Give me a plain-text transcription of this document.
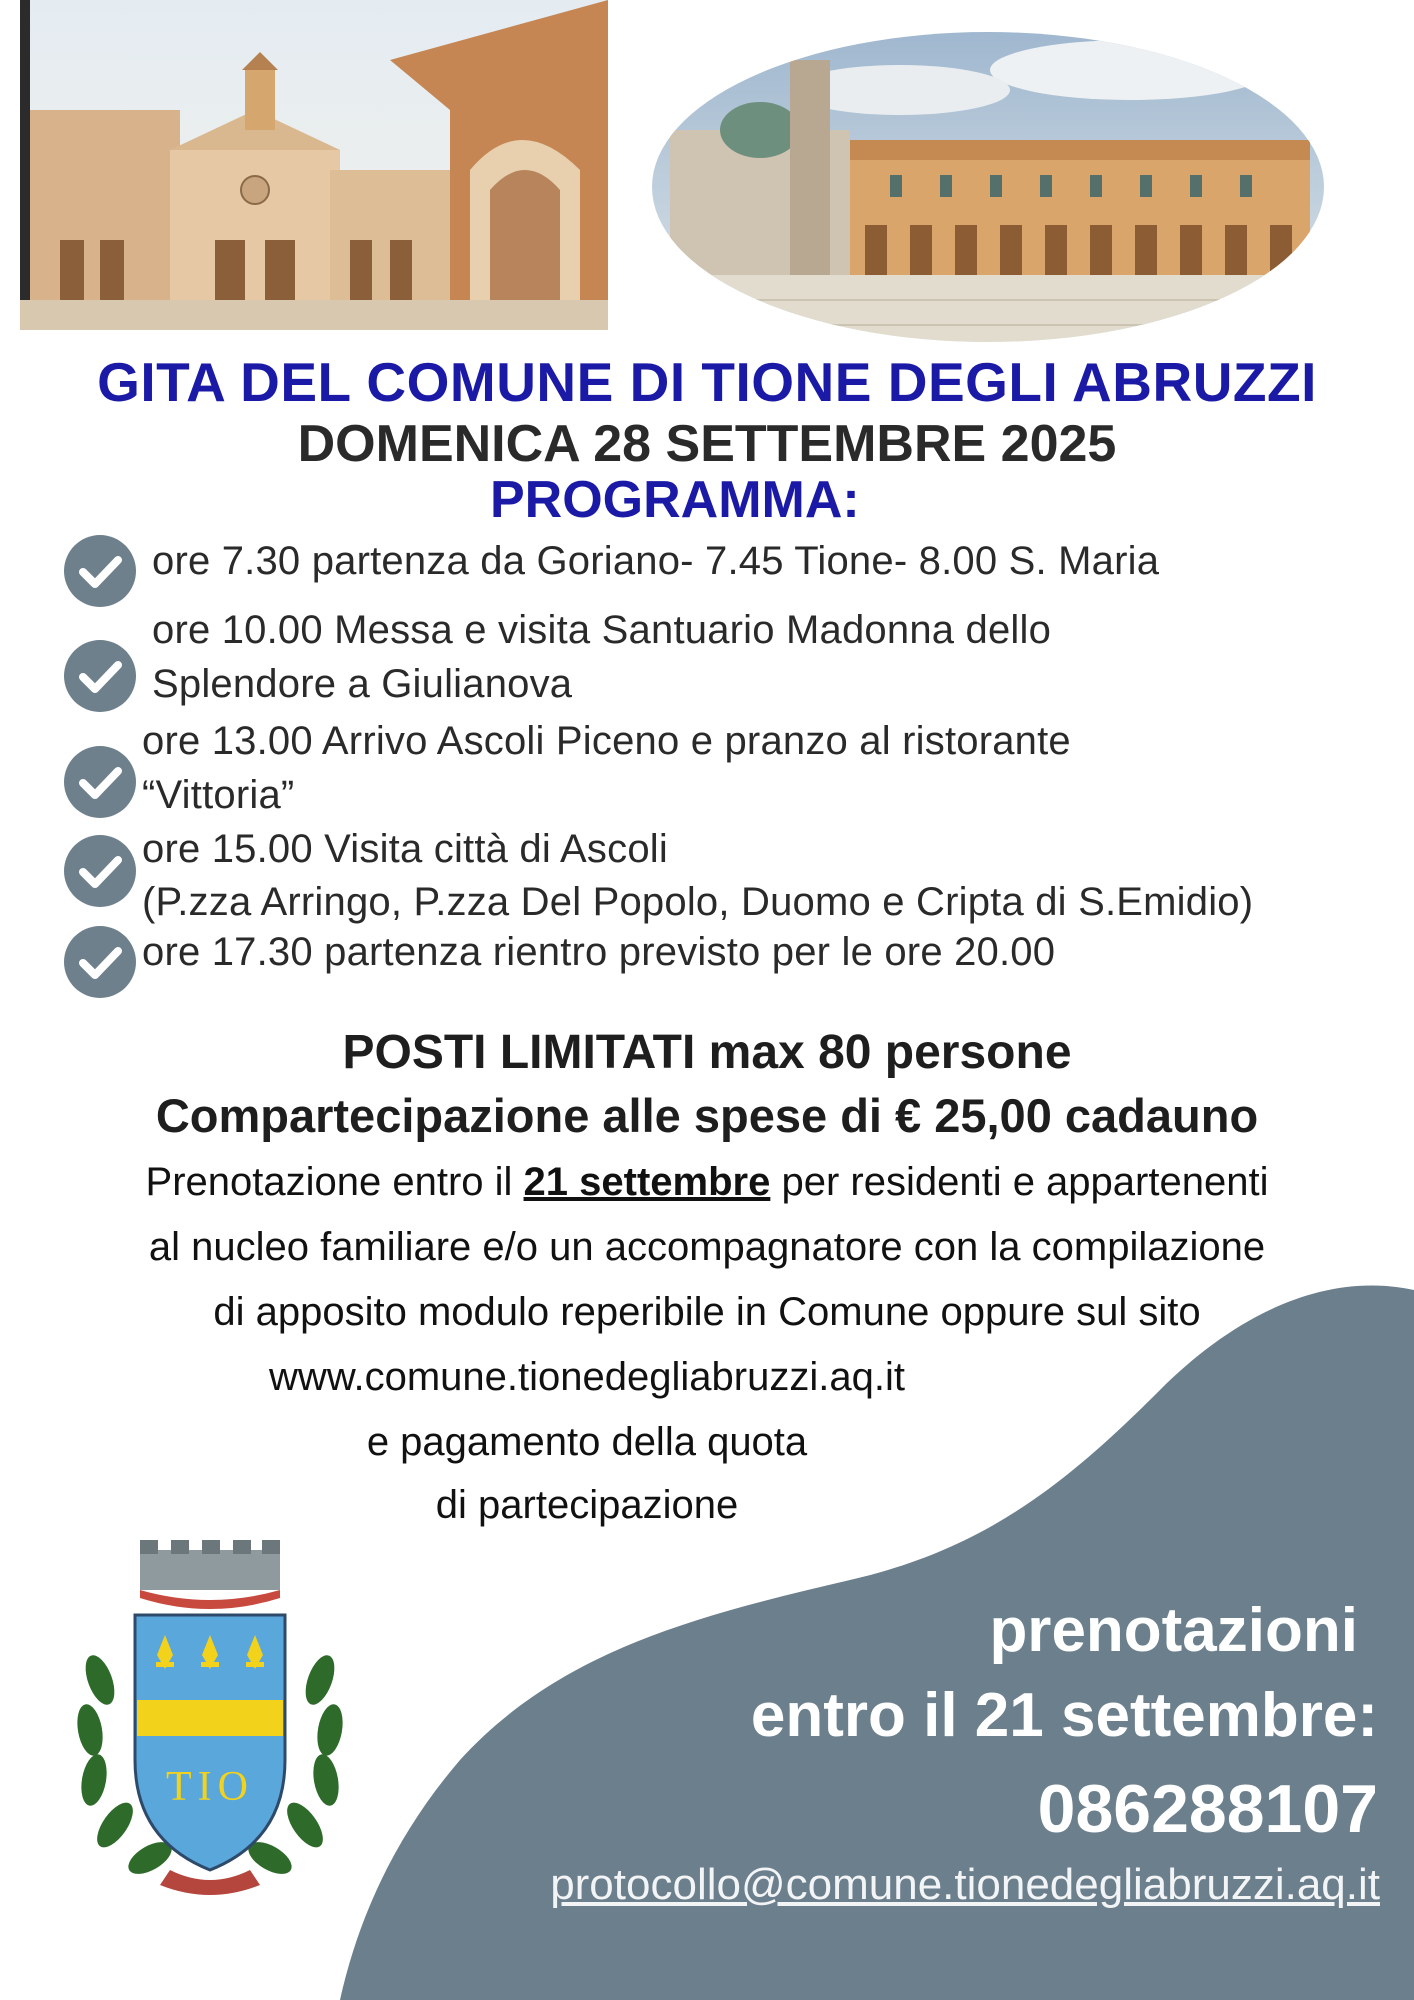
GITA DEL COMUNE DI TIONE DEGLI ABRUZZI
DOMENICA 28 SETTEMBRE 2025
PROGRAMMA:
ore 7.30 partenza da Goriano- 7.45 Tione- 8.00 S. Maria
ore 10.00 Messa e visita Santuario Madonna dello
Splendore a Giulianova
ore 13.00 Arrivo Ascoli Piceno e pranzo al ristorante
“Vittoria”
ore 15.00 Visita città di Ascoli
(P.zza Arringo, P.zza Del Popolo, Duomo e Cripta di S.Emidio)
ore 17.30 partenza rientro previsto per le ore 20.00
POSTI LIMITATI max 80 persone
Compartecipazione alle spese di € 25,00 cadauno
Prenotazione entro il 21 settembre per residenti e appartenenti
al nucleo familiare e/o un accompagnatore con la compilazione
di apposito modulo reperibile in Comune oppure sul sito
www.comune.tionedegliabruzzi.aq.it
e pagamento della quota
di partecipazione
TIO
prenotazioni
entro il 21 settembre:
086288107
protocollo@comune.tionedegliabruzzi.aq.it
